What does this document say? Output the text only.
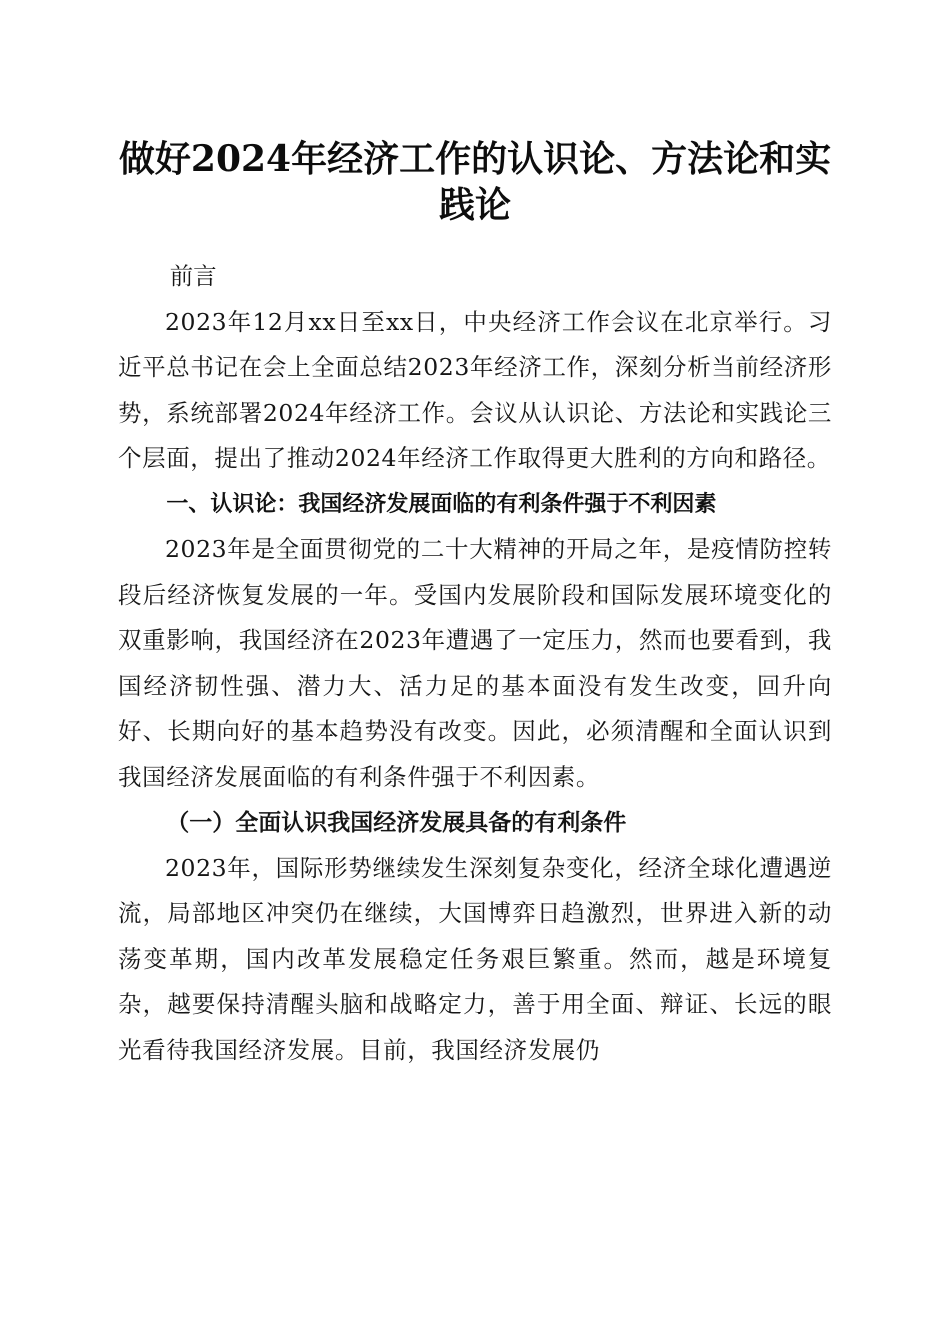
做好2024年经济工作的认识论、方法论和实践论

前言

2023年12月xx日至xx日，中央经济工作会议在北京举行。习近平总书记在会上全面总结2023年经济工作，深刻分析当前经济形势，系统部署2024年经济工作。会议从认识论、方法论和实践论三个层面，提出了推动2024年经济工作取得更大胜利的方向和路径。

一、认识论：我国经济发展面临的有利条件强于不利因素

2023年是全面贯彻党的二十大精神的开局之年，是疫情防控转段后经济恢复发展的一年。受国内发展阶段和国际发展环境变化的双重影响，我国经济在2023年遭遇了一定压力，然而也要看到，我国经济韧性强、潜力大、活力足的基本面没有发生改变，回升向好、长期向好的基本趋势没有改变。因此，必须清醒和全面认识到我国经济发展面临的有利条件强于不利因素。

（一）全面认识我国经济发展具备的有利条件

2023年，国际形势继续发生深刻复杂变化，经济全球化遭遇逆流，局部地区冲突仍在继续，大国博弈日趋激烈，世界进入新的动荡变革期，国内改革发展稳定任务艰巨繁重。然而，越是环境复杂，越要保持清醒头脑和战略定力，善于用全面、辩证、长远的眼光看待我国经济发展。目前，我国经济发展仍
